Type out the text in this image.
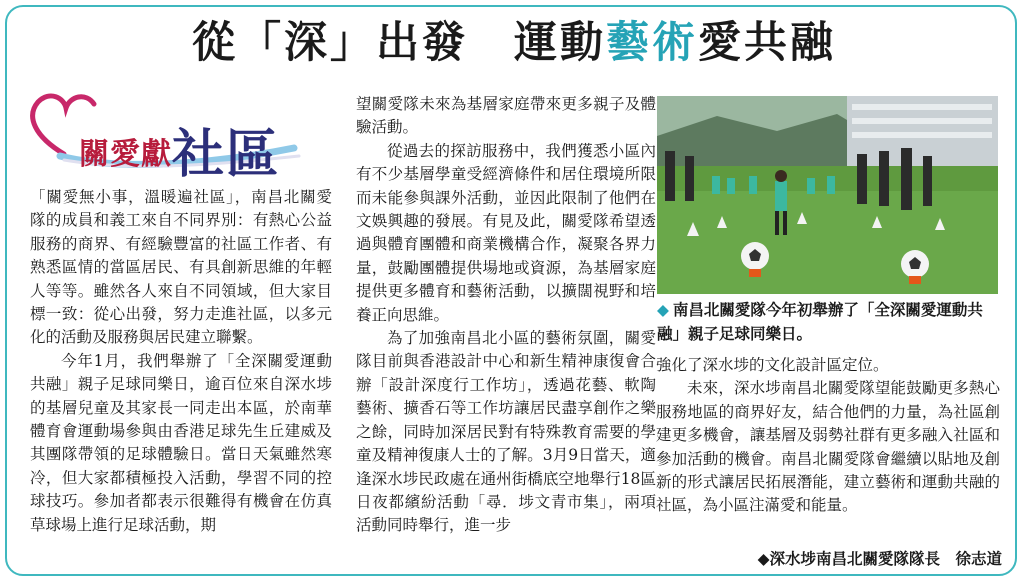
從「深」出發　運動藝術愛共融
關愛獻社區

「關愛無小事，溫暖遍社區」，南昌北關愛隊的成員和義工來自不同界別：有熱心公益服務的商界、有經驗豐富的社區工作者、有熟悉區情的當區居民、有具創新思維的年輕人等等。雖然各人來自不同領域，但大家目標一致：從心出發，努力走進社區，以多元化的活動及服務與居民建立聯繫。

今年1月，我們舉辦了「全深關愛運動共融」親子足球同樂日，逾百位來自深水埗的基層兒童及其家長一同走出本區，於南華體育會運動場參與由香港足球先生丘建威及其團隊帶領的足球體驗日。當日天氣雖然寒冷，但大家都積極投入活動，學習不同的控球技巧。參加者都表示很難得有機會在仿真草球場上進行足球活動，期

望關愛隊未來為基層家庭帶來更多親子及體驗活動。

從過去的探訪服務中，我們獲悉小區內有不少基層學童受經濟條件和居住環境所限而未能參與課外活動，並因此限制了他們在文娛興趣的發展。有見及此，關愛隊希望透過與體育團體和商業機構合作，凝聚各界力量，鼓勵團體提供場地或資源，為基層家庭提供更多體育和藝術活動，以擴闊視野和培養正向思維。

為了加強南昌北小區的藝術氛圍，關愛隊目前與香港設計中心和新生精神康復會合辦「設計深度行工作坊」，透過花藝、軟陶藝術、擴香石等工作坊讓居民盡享創作之樂之餘，同時加深居民對有特殊教育需要的學童及精神復康人士的了解。3月9日當天，適逢深水埗民政處在通州街橋底空地舉行18區日夜都繽紛活動「尋．埗文青市集」，兩項活動同時舉行，進一步

◆ 南昌北關愛隊今年初舉辦了「全深關愛運動共融」親子足球同樂日。

強化了深水埗的文化設計區定位。

未來，深水埗南昌北關愛隊望能鼓勵更多熱心服務地區的商界好友，結合他們的力量，為社區創建更多機會，讓基層及弱勢社群有更多融入社區和參加活動的機會。南昌北關愛隊會繼續以貼地及創新的形式讓居民拓展潛能，建立藝術和運動共融的社區，為小區注滿愛和能量。

◆深水埗南昌北關愛隊隊長　徐志道
